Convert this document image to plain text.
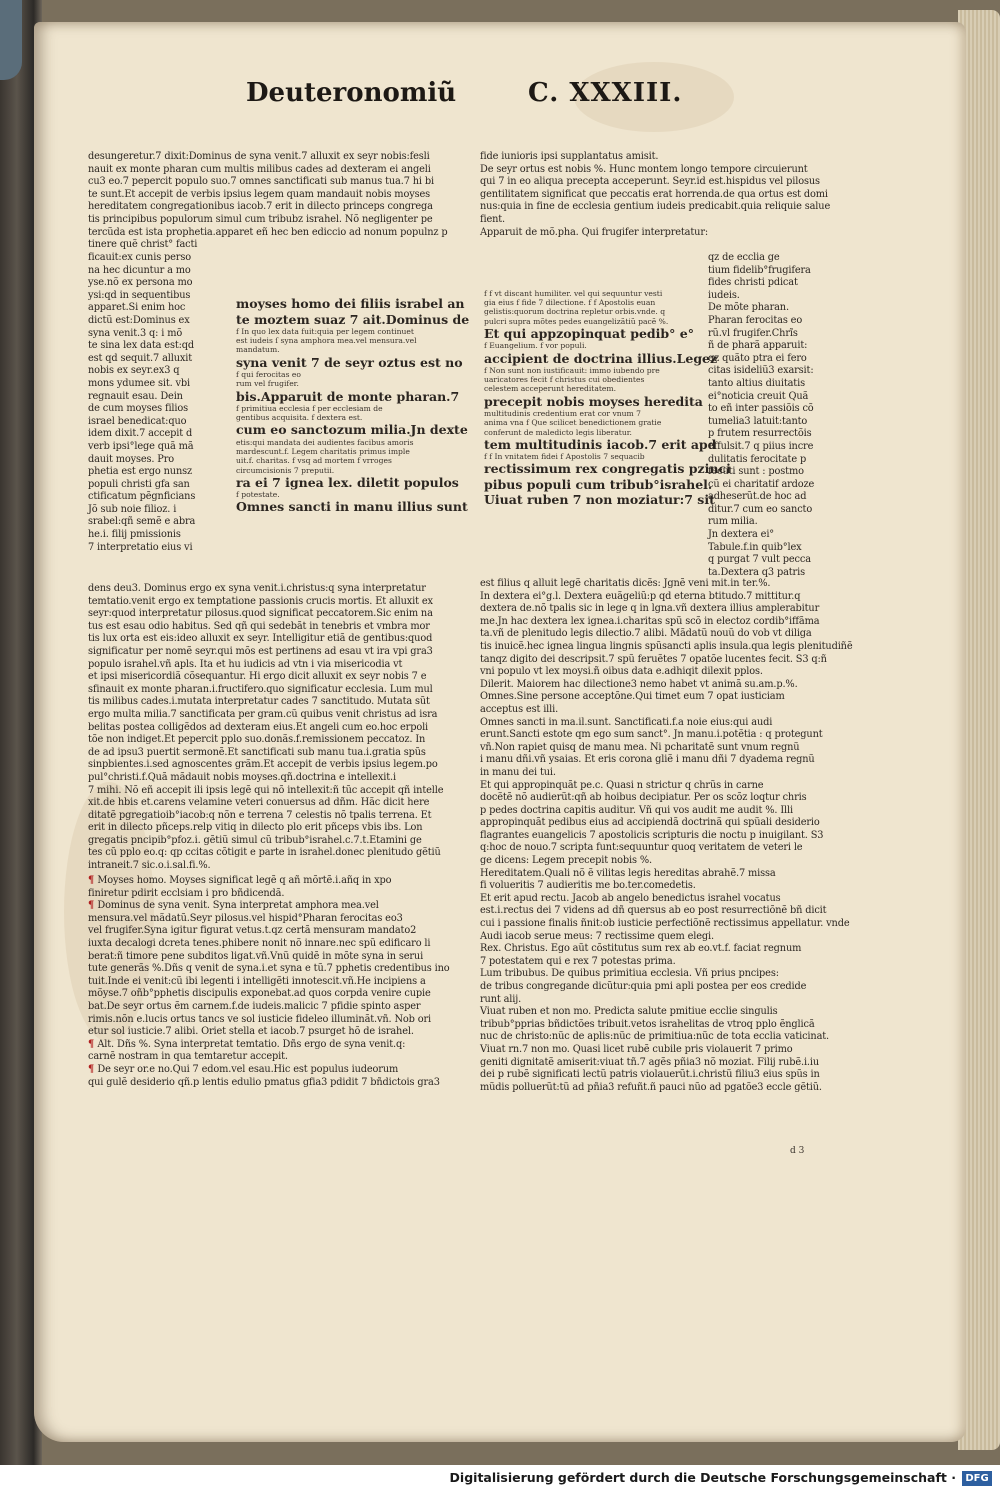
Deuteronomiũ	C. XXXIII.
desungeretur.7 dixit:Dominus de syna venit.7 alluxit ex seyr nobis:fesli
nauit ex monte pharan cum multis milibus cades ad dexteram ei angeli
cu3 eo.7 pepercit populo suo.7 omnes sanctificati sub manus tua.7 hi bi
te sunt.Et accepit de verbis ipsius legem quam mandauit nobis moyses
hereditatem congregationibus iacob.7 erit in dilecto princeps congrega
tis principibus populorum simul cum tribubz israhel. Nõ negligenter pe
tercũda est ista prophetia.apparet eñ hec ben ediccio ad nonum populnz p
tinere quẽ christ° facti
ficauit:ex cunis perso
na hec dicuntur a mo
yse.nõ ex persona mo
ysi:qd in sequentibus
apparet.Si enim hoc
dictũ est:Dominus ex
syna venit.3 q: i mõ
te sina lex data est:qd
est qd sequit.7 alluxit
nobis ex seyr.ex3 q
mons ydumee sit. vbi
regnauit esau. Dein
de cum moyses filios
israel benedicat:quo
idem dixit.7 accepit d
verb ipsi°lege quã mã
dauit moyses. Pro
phetia est ergo nunsz
populi christi gfa san
ctificatum pẽgnficians
Jõ sub noie filioz. i
srabel:qñ semẽ e abra
he.i. filij pmissionis
7 interpretatio eius vi
moyses homo dei filiis israbel an
te moztem suaz 7 ait.Dominus de
f In quo lex data fuit:quia per legem continuet
est iudeis ſ syna amphora mea.vel mensura.vel
mandatum.
syna venit 7 de seyr oztus est no
f qui ferocitas eo
rum vel frugifer.
bis.Apparuit de monte pharan.7
f primitiua ecclesia f per ecclesiam de
gentibus acquisita. f dextera est.
cum eo sanctozum milia.Jn dexte
etis:qui mandata dei audientes facibus amoris
mardescunt.f. Legem charitatis primus imple
uit.f. charitas. f vsq ad mortem f vrroges
circumcisionis 7 preputii.
ra ei 7 ignea lex. diletit populos
f potestate.
Omnes sancti in manu illius sunt
dens deu3. Dominus ergo ex syna venit.i.christus:q syna interpretatur
temtatio.venit ergo ex temptatione passionis crucis mortis. Et alluxit ex
seyr:quod interpretatur pilosus.quod significat peccatorem.Sic enim na
tus est esau odio habitus. Sed qñ qui sedebãt in tenebris et vmbra mor
tis lux orta est eis:ideo alluxit ex seyr. Intelligitur etiã de gentibus:quod
significatur per nomẽ seyr.qui mõs est pertinens ad esau vt ira vpi gra3
populo israhel.vñ apls. Ita et hu iudicis ad vtn i via misericodia vt
et ipsi misericordiã cõsequantur. Hi ergo dicit alluxit ex seyr nobis 7 e
sfinauit ex monte pharan.i.fructifero.quo significatur ecclesia. Lum mul
tis milibus cades.i.mutata interpretatur cades 7 sanctitudo. Mutata sũt
ergo multa milia.7 sanctificata per gram.cũ quibus venit christus ad isra
belitas postea colligẽdos ad dexteram eius.Et angeli cum eo.hoc erpoli
tõe non indiget.Et pepercit pplo suo.donãs.f.remissionem peccatoz. In
de ad ipsu3 puertit sermonẽ.Et sanctificati sub manu tua.i.gratia spũs
sinpbientes.i.sed agnoscentes grãm.Et accepit de verbis ipsius legem.po
pul°christi.f.Quã mãdauit nobis moyses.qñ.doctrina e intellexit.i
7 mihi. Nõ eñ accepit ili ipsis legẽ qui nõ intellexit:ñ tũc accepit qñ intelle
xit.de hbis et.carens velamine veteri conuersus ad dñm. Hãc dicit here
ditatẽ pgregatioib°iacob:q nõn e terrena 7 celestis nõ tpalis terrena. Et
erit in dilecto pñceps.relp vitiq in dilecto plo erit pñceps vbis ibs. Lon
gregatis pncipib°pfoz.i. gẽtiũ simul cũ tribub°israhel.c.7.t.Etamini ge
tes cũ pplo eo.q: qp ccitas cõtigit e parte in israhel.donec plenitudo gẽtiũ
intraneit.7 sic.o.i.sal.fi.%.
¶ Moyses homo. Moyses significat legẽ q añ mõrtẽ.i.añq in xpo
finiretur pdirit ecclsiam i pro bñdicendã.
¶ Dominus de syna venit. Syna interpretat amphora mea.vel
mensura.vel mãdatũ.Seyr pilosus.vel hispid°Pharan ferocitas eo3
vel frugifer.Syna igitur figurat vetus.t.qz certã mensuram mandato2
iuxta decalogi dcreta tenes.phibere nonit nõ innare.nec spũ edificaro li
berat:ñ timore pene subditos ligat.vñ.Vnũ quidẽ in mõte syna in serui
tute generãs %.Dñs q venit de syna.i.et syna e tũ.7 pphetis credentibus ino
tuit.Inde ei venit:cũ ibi legenti i intelligẽti innotescit.vñ.He incipiens a
mõyse.7 oñb°pphetis discipulis exponebat.ad quos corpda venire cupie
bat.De seyr ortus ẽm carnem.f.de iudeis.malicic 7 pfidie spinto asper
rimis.nõn e.lucis ortus tancs ve sol iusticie fideleo illuminãt.vñ. Nob ori
etur sol iusticie.7 alibi. Oriet stella et iacob.7 psurget hõ de israhel.
¶ Alt. Dñs %. Syna interpretat temtatio. Dñs ergo de syna venit.q:
carnẽ nostram in qua temtaretur accepit.
¶ De seyr or.e no.Qui 7 edom.vel esau.Hic est populus iudeorum
qui gulẽ desiderio qñ.p lentis edulio pmatus gfia3 pdidit 7 bñdictois gra3
fide iunioris ipsi supplantatus amisit.
De seyr ortus est nobis %. Hunc montem longo tempore circuierunt
qui 7 in eo aliqua precepta acceperunt. Seyr.id est.hispidus vel pilosus
gentilitatem significat que peccatis erat horrenda.de qua ortus est domi
nus:quia in fine de ecclesia gentium iudeis predicabit.quia reliquie salue
fient.
Apparuit de mõ.pha. Qui frugifer interpretatur:
f f vt discant humiliter. vel qui sequuntur vesti
gia eius f fide 7 dilectione. f f Apostolis euan
gelistis:quorum doctrina repletur orbis.vnde. q
pulcri supra mõtes pedes euangelizãtiũ pacẽ %.
Et qui appzopinquat pedib° e°
f Euangelium. f vor populi.
accipient de doctrina illius.Legez
f Non sunt non iustificauit: immo iubendo pre
uaricatores fecit f christus cui obedientes
celestem acceperunt hereditatem.
precepit nobis moyses heredita
multitudinis credentium erat cor vnum 7
anima vna f Que scilicet benedictionem gratie
conferunt de maledicto legis liberatur.
tem multitudinis iacob.7 erit apd
f f In vnitatem fidei f Apostolis 7 sequacib
rectissimum rex congregatis pzinci
pibus populi cum tribub°israhel.
Uiuat ruben 7 non moziatur:7 sit
qz de ecclia ge
tium fidelib°frugifera
fides christi pdicat
iudeis.
De mõte pharan.
Pharan ferocitas eo
rũ.vl frugifer.Chrĩs
ñ de pharã apparuit:
qz quãto ptra ei fero
citas isideliũ3 exarsit:
tanto altius diuitatis
ei°noticia creuit Quã
to eñ inter passiõis cõ
tumelia3 latuit:tanto
p frutem resurrectõis
effulsit.7 q piius incre
dulitatis ferocitate p
fecuti sunt : postmo
cũ ei charitatif ardoze
adheserũt.de hoc ad
ditur.7 cum eo sancto
rum milia.
Jn dextera ei°
Tabule.f.in quib°lex
q purgat 7 vult pecca
ta.Dextera q3 patris
est filius q alluit legẽ charitatis dicẽs: Jgnẽ veni mit.in ter.%.
In dextera ei°g.l. Dextera euãgeliũ:p qd eterna btitudo.7 mittitur.q
dextera de.nõ tpalis sic in lege q in lgna.vñ dextera illius amplerabitur
me.Jn hac dextera lex ignea.i.charitas spũ scõ in electoz cordib°iffãma
ta.vñ de plenitudo legis dilectio.7 alibi. Mãdatũ nouũ do vob vt diliga
tis inuicẽ.hec ignea lingua lingnis spũsancti aplis insula.qua legis plenitudiñẽ
tanqz digito dei descripsit.7 spũ feruẽtes 7 opatõe lucentes fecit. S3 q:ñ
vni populo vt lex moysi.ñ oibus data e.adhiqit dilexit pplos.
Dilerit. Maiorem hac dilectione3 nemo habet vt animã su.am.p.%.
Omnes.Sine persone acceptõne.Qui timet eum 7 opat iusticiam
acceptus est illi.
Omnes sancti in ma.il.sunt. Sanctificati.f.a noie eius:qui audi
erunt.Sancti estote qm ego sum sanct°. Jn manu.i.potẽtia : q protegunt
vñ.Non rapiet quisq de manu mea. Ni pcharitatẽ sunt vnum regnũ
i manu dñi.vñ ysaias. Et eris corona gliẽ i manu dñi 7 dyadema regnũ
in manu dei tui.
Et qui appropinquãt pe.c. Quasi n strictur q chrũs in carne
docẽtẽ nõ audierũt:qñ ab hoibus decipiatur. Per os scõz loqtur chris
p pedes doctrina capitis auditur. Vñ qui vos audit me audit %. Illi
appropinquãt pedibus eius ad accipiendã doctrinã qui spũali desiderio
flagrantes euangelicis 7 apostolicis scripturis die noctu p inuigilant. S3
q:hoc de nouo.7 scripta funt:sequuntur quoq veritatem de veteri le
ge dicens: Legem precepit nobis %.
Hereditatem.Quali nõ ẽ vilitas legis hereditas abrahẽ.7 missa
fi volueritis 7 audieritis me bo.ter.comedetis.
Et erit apud rectu. Jacob ab angelo benedictus israhel vocatus
est.i.rectus dei 7 videns ad dñ quersus ab eo post resurrectiõnẽ bñ dicit
cui i passione finalis ñnit:ob iusticie perfectiõnẽ rectissimus appellatur. vnde
Audi iacob serue meus: 7 rectissime quem elegi.
Rex. Christus. Ego aũt cõstitutus sum rex ab eo.vt.f. faciat regnum
7 potestatem qui e rex 7 potestas prima.
Lum tribubus. De quibus primitiua ecclesia. Vñ prius pncipes:
de tribus congregande dicũtur:quia pmi apli postea per eos credide
runt alij.
Viuat ruben et non mo. Predicta salute pmitiue ecclie singulis
tribub°pprias bñdictões tribuit.vetos israhelitas de vtroq pplo ẽnglicã
nuc de christo:nũc de aplis:nũc de primitiua:nũc de tota ecclia vaticinat.
Viuat rn.7 non mo. Quasi licet rubẽ cubile pris violauerit 7 primo
geniti dignitatẽ amiserit:viuat tñ.7 agẽs pñia3 nõ moziat. Filij rubẽ.i.iu
dei p rubẽ significati lectũ patris violauerũt.i.christũ filiu3 eius spũs in
mũdis polluerũt:tũ ad pñia3 refuñt.ñ pauci nũo ad pgatõe3 eccle gẽtiũ.
d 3
Digitalisierung gefördert durch die Deutsche Forschungsgemeinschaft · DFG
